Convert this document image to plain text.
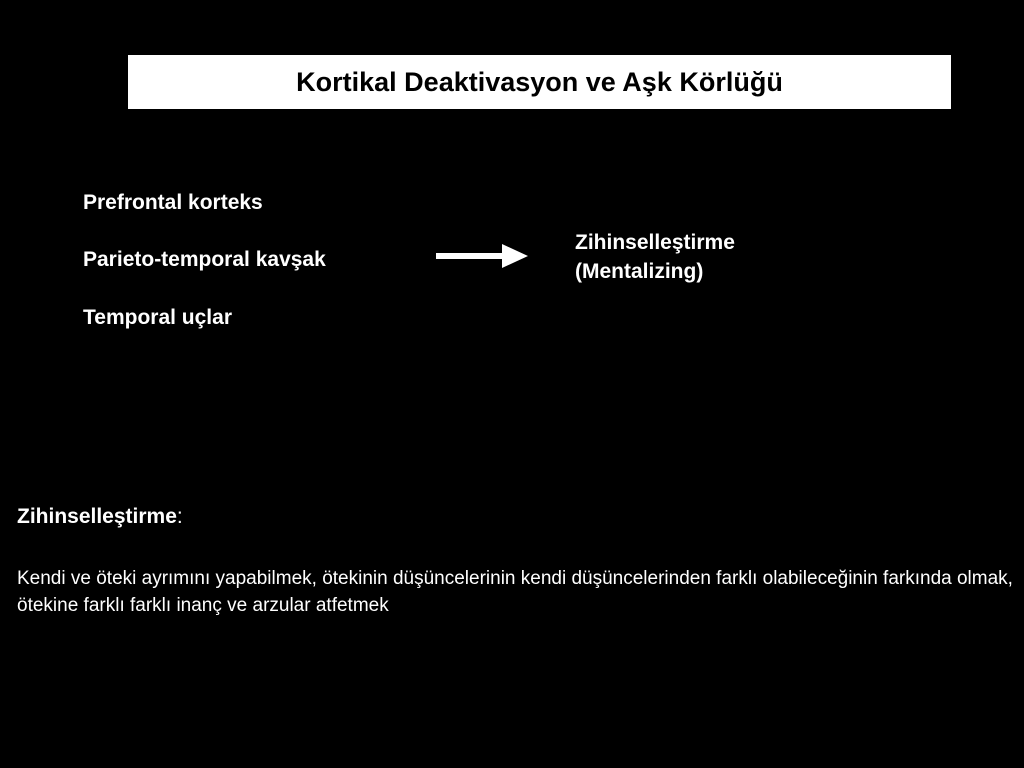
Kortikal Deaktivasyon ve Aşk Körlüğü
Prefrontal korteks
Parieto-temporal kavşak
Temporal uçlar
Zihinselleştirme
(Mentalizing)
Zihinselleştirme:
Kendi ve öteki ayrımını yapabilmek, ötekinin düşüncelerinin kendi düşüncelerinden farklı olabileceğinin farkında olmak, ötekine farklı farklı inanç ve arzular atfetmek
